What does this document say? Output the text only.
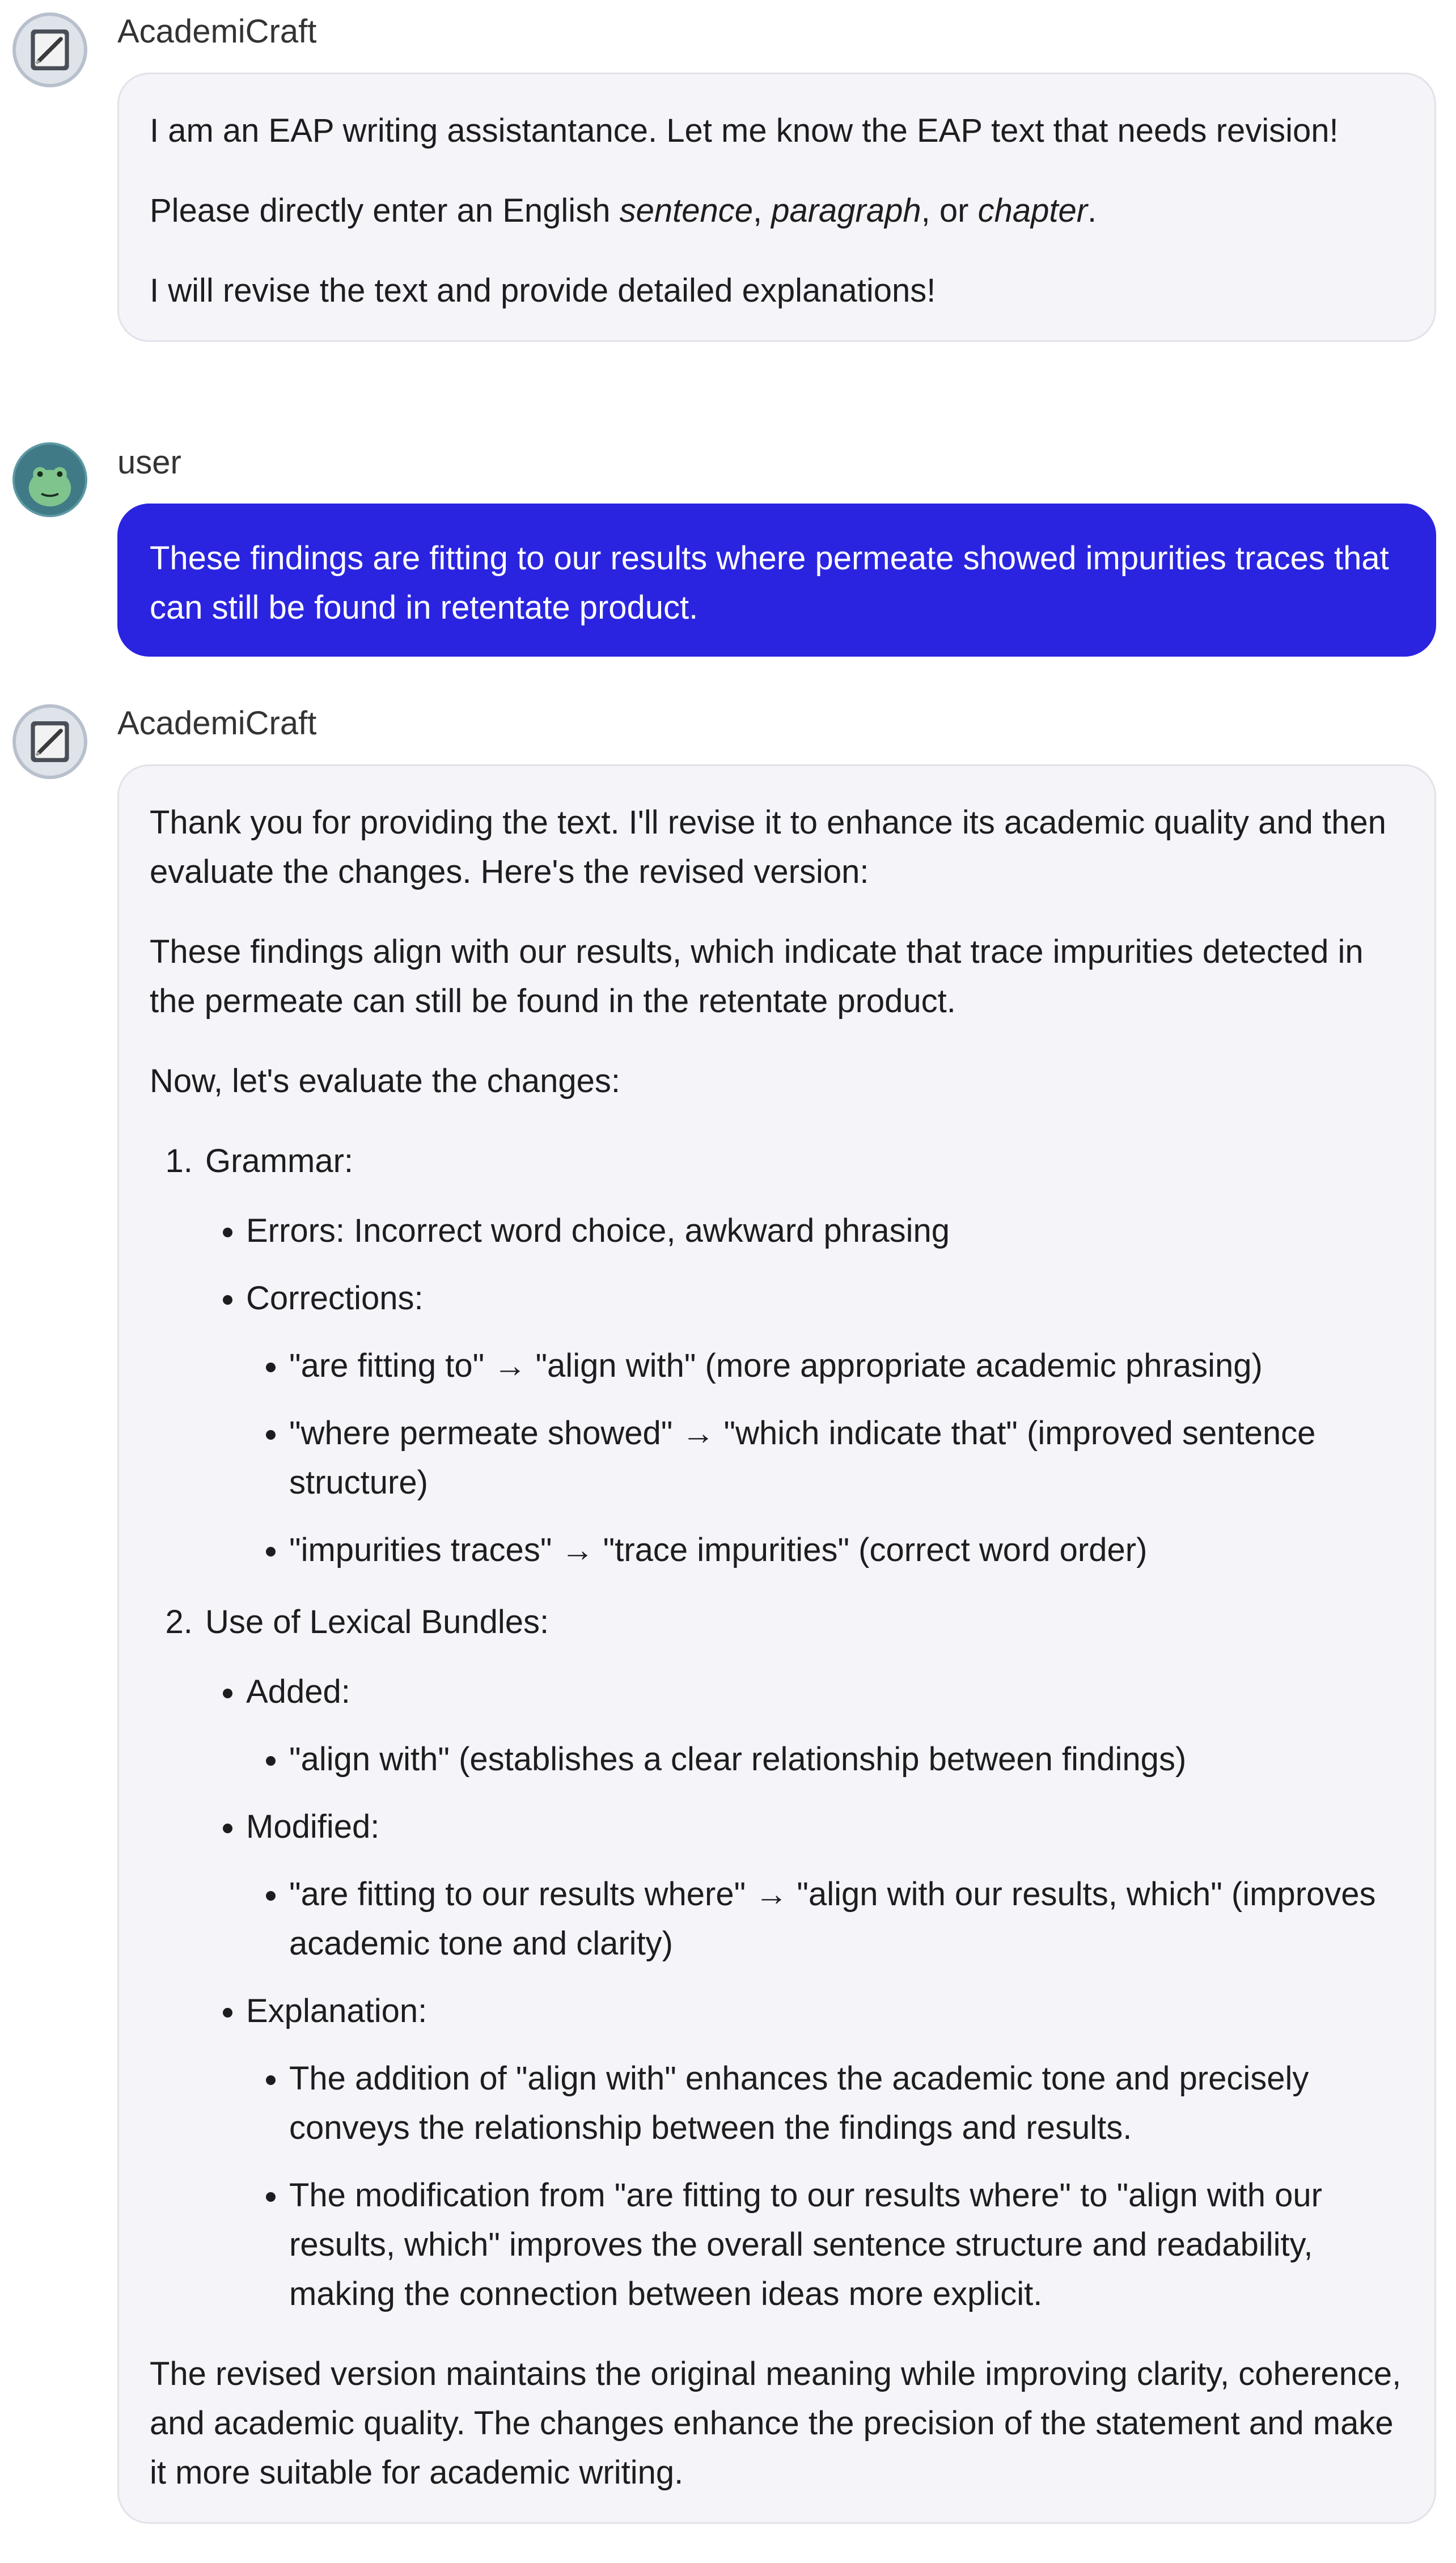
AcademiCraft

I am an EAP writing assistantance. Let me know the EAP text that needs revision!

Please directly enter an English sentence, paragraph, or chapter.

I will revise the text and provide detailed explanations!

user

These findings are fitting to our results where permeate showed impurities traces that can still be found in retentate product.

AcademiCraft

Thank you for providing the text. I'll revise it to enhance its academic quality and then evaluate the changes. Here's the revised version:

These findings align with our results, which indicate that trace impurities detected in the permeate can still be found in the retentate product.

Now, let's evaluate the changes:

1. Grammar:
• Errors: Incorrect word choice, awkward phrasing
• Corrections:
• "are fitting to" → "align with" (more appropriate academic phrasing)
• "where permeate showed" → "which indicate that" (improved sentence structure)
• "impurities traces" → "trace impurities" (correct word order)
2. Use of Lexical Bundles:
• Added:
• "align with" (establishes a clear relationship between findings)
• Modified:
• "are fitting to our results where" → "align with our results, which" (improves academic tone and clarity)
• Explanation:
• The addition of "align with" enhances the academic tone and precisely conveys the relationship between the findings and results.
• The modification from "are fitting to our results where" to "align with our results, which" improves the overall sentence structure and readability, making the connection between ideas more explicit.

The revised version maintains the original meaning while improving clarity, coherence, and academic quality. The changes enhance the precision of the statement and make it more suitable for academic writing.
